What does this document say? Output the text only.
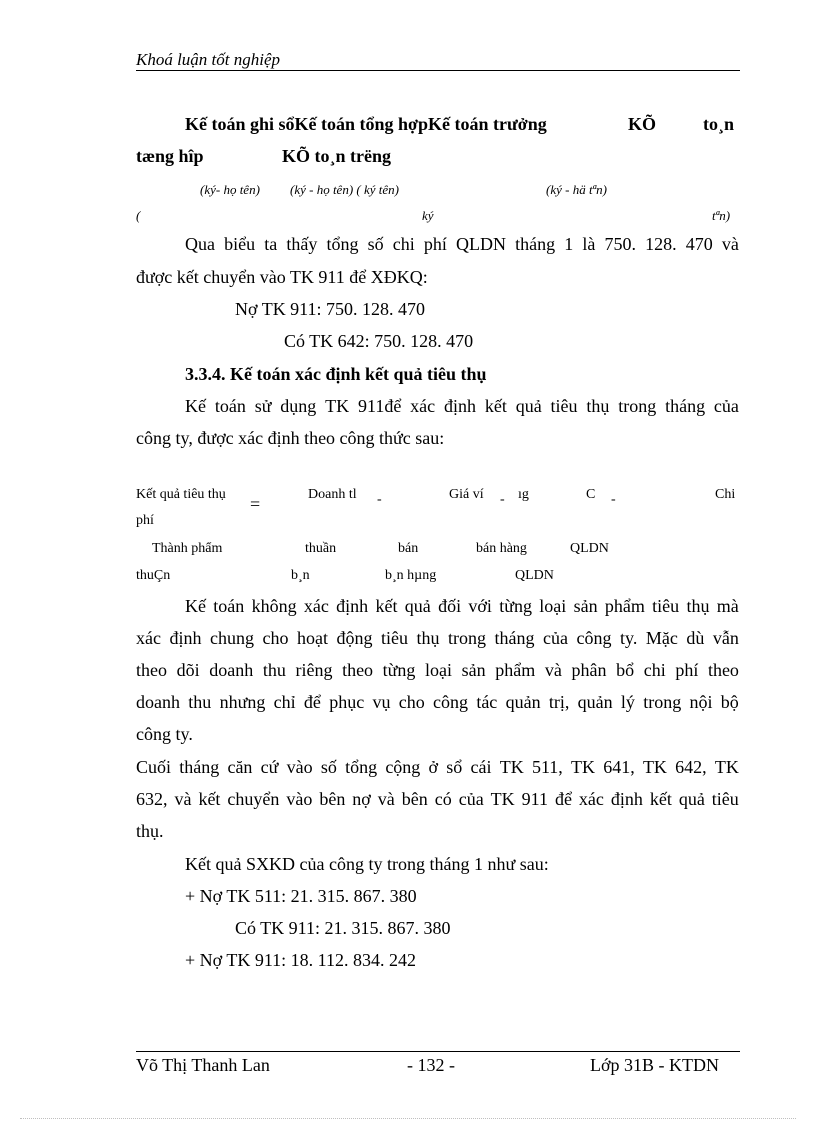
Khoá luận tốt nghiệp
Kế toán ghi sổKế toán tổng hợpKế toán trưởng	KÕ	to¸n
tæng hîp	KÕ to¸n trëng
(ký- họ tên) (ký - họ tên) ( ký tên)	(ký - hä tªn)
(	ký	tªn)
Qua biểu ta thấy tổng số chi phí QLDN tháng 1 là 750. 128. 470 và
được kết chuyển vào TK 911 để XĐKQ:
Nợ TK 911: 750. 128. 470
Có TK 642: 750. 128. 470
3.3.4. Kế toán xác định kết quả tiêu thụ
Kế toán sử dụng TK 911để xác định kết quả tiêu thụ trong tháng của
công ty, được xác định theo công thức sau:
Kết quả tiêu thụ =	Doanh tl -	Giá ví - ıg	C -	Chi
phí
Thành phẩm	thuần	bán	bán hàng	QLDN
thuÇn	b¸n	b¸n hµng	QLDN
Kế toán không xác định kết quả đối với từng loại sản phẩm tiêu thụ mà
xác định chung cho hoạt động tiêu thụ trong tháng của công ty. Mặc dù vẫn
theo dõi doanh thu riêng theo từng loại sản phẩm và phân bổ chi phí theo
doanh thu nhưng chỉ để phục vụ cho công tác quản trị, quản lý trong nội bộ
công ty.
Cuối tháng căn cứ vào số tổng cộng ở sổ cái TK 511, TK 641, TK 642, TK
632, và kết chuyển vào bên nợ và bên có của TK 911 để xác định kết quả tiêu
thụ.
Kết quả SXKD của công ty trong tháng 1 như sau:
+ Nợ TK 511: 21. 315. 867. 380
Có TK 911: 21. 315. 867. 380
+ Nợ TK 911: 18. 112. 834. 242
Võ Thị Thanh Lan	- 132 -	Lớp 31B - KTDN
